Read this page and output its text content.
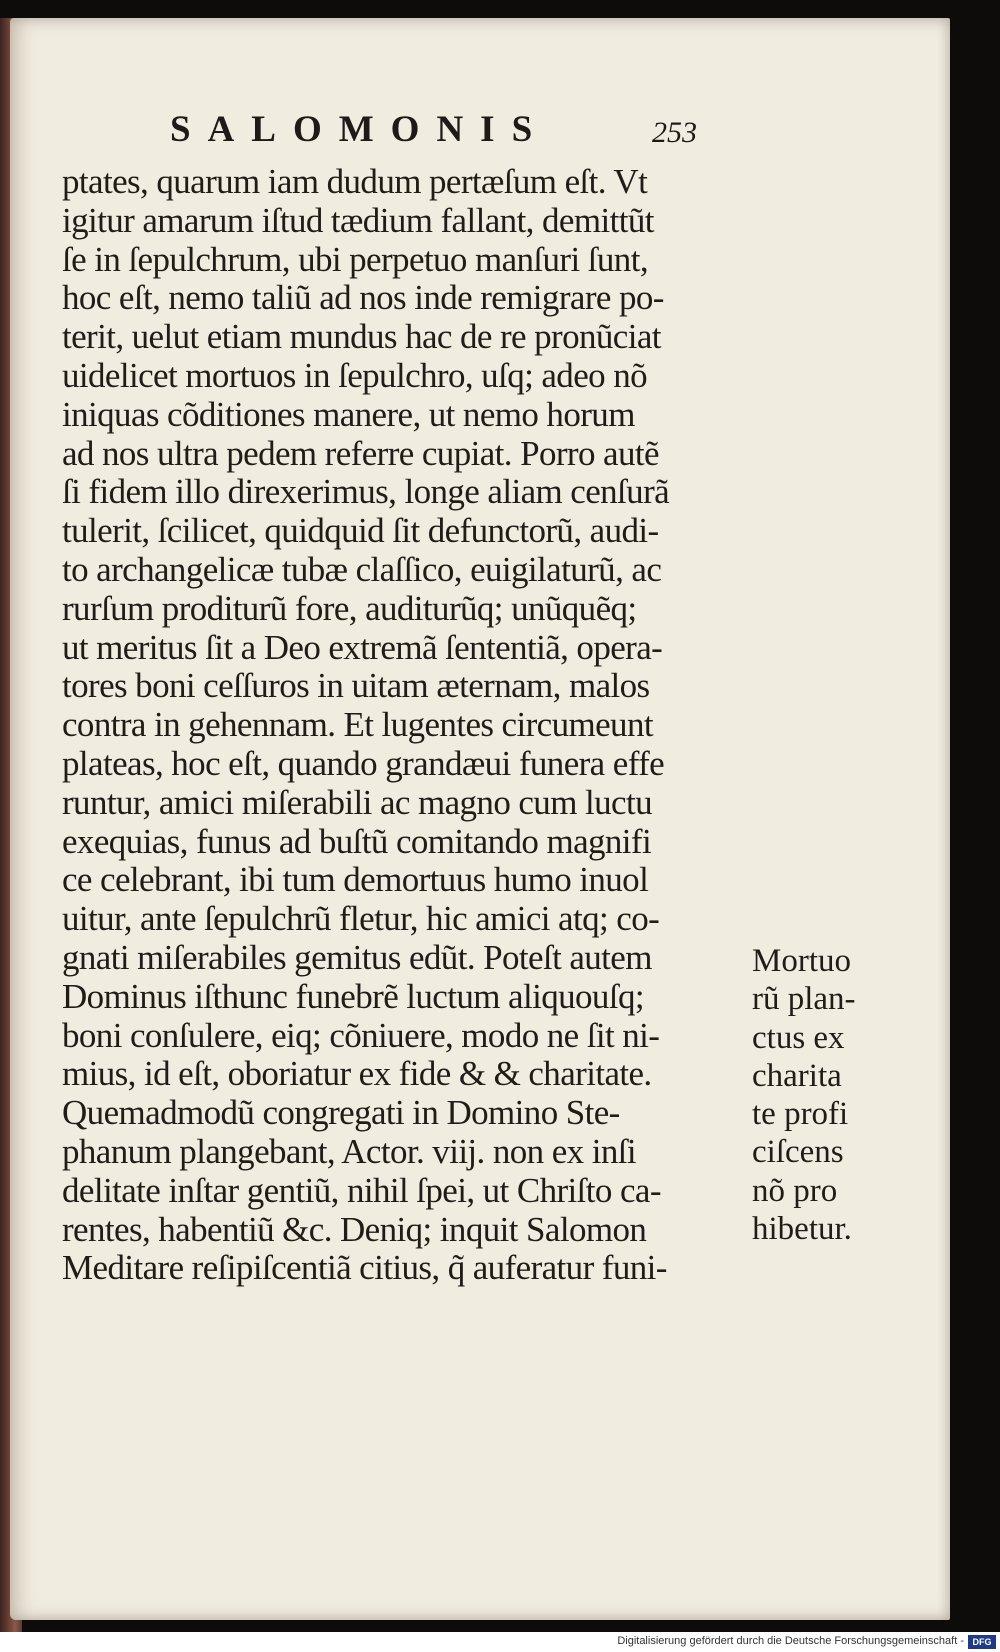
SALOMONIS	253
ptates, quarum iam dudum pertæſum eſt. Vt
igitur amarum iſtud tædium fallant, demittũt
ſe in ſepulchrum, ubi perpetuo manſuri ſunt,
hoc eſt, nemo taliũ ad nos inde remigrare po-
terit, uelut etiam mundus hac de re pronũciat
uidelicet mortuos in ſepulchro, uſq; adeo nõ
iniquas cõditiones manere, ut nemo horum
ad nos ultra pedem referre cupiat. Porro autẽ
ſi fidem illo direxerimus, longe aliam cenſurã
tulerit, ſcilicet, quidquid ſit defunctorũ, audi-
to archangelicæ tubæ claſſico, euigilaturũ, ac
rurſum proditurũ fore, auditurũq; unũquẽq;
ut meritus ſit a Deo extremã ſententiã, opera-
tores boni ceſſuros in uitam æternam, malos
contra in gehennam. Et lugentes circumeunt
plateas, hoc eſt, quando grandæui funera effe
runtur, amici miſerabili ac magno cum luctu
exequias, funus ad buſtũ comitando magnifi
ce celebrant, ibi tum demortuus humo inuol
uitur, ante ſepulchrũ fletur, hic amici atq; co-
gnati miſerabiles gemitus edũt. Poteſt autem
Dominus iſthunc funebrẽ luctum aliquouſq;
boni conſulere, eiq; cõniuere, modo ne ſit ni-
mius, id eſt, oboriatur ex fide & & charitate.
Quemadmodũ congregati in Domino Ste-
phanum plangebant, Actor. viij. non ex inſi
delitate inſtar gentiũ, nihil ſpei, ut Chriſto ca-
rentes, habentiũ &c. Deniq; inquit Salomon
Meditare reſipiſcentiã citius, q̃ auferatur funi-
Mortuo
rũ plan-
ctus ex
charita
te profi
ciſcens
nõ pro
hibetur.
Digitalisierung gefördert durch die Deutsche Forschungsgemeinschaft - DFG
